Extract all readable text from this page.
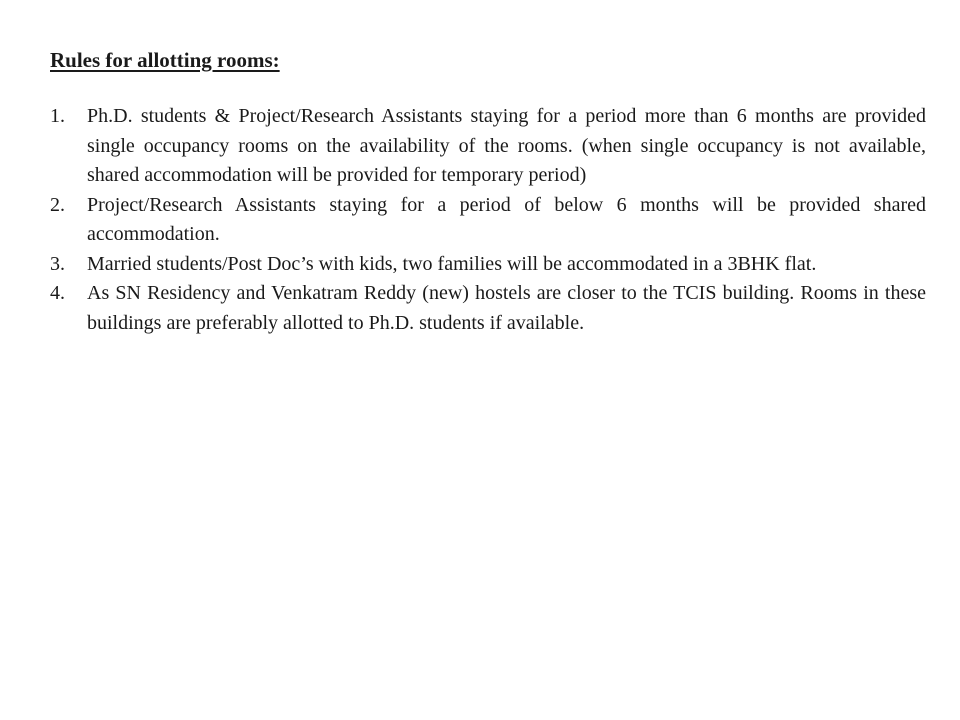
Rules for allotting rooms:
1.	Ph.D. students & Project/Research Assistants staying for a period more than 6 months are provided single occupancy rooms on the availability of the rooms. (when single occupancy is not available, shared accommodation will be provided for temporary period)
2.	Project/Research Assistants staying for a period of below 6 months will be provided shared accommodation.
3.	Married students/Post Doc’s with kids, two families will be accommodated in a 3BHK flat.
4.	As SN Residency and Venkatram Reddy (new) hostels are closer to the TCIS building. Rooms in these buildings are preferably allotted to Ph.D. students if available.
